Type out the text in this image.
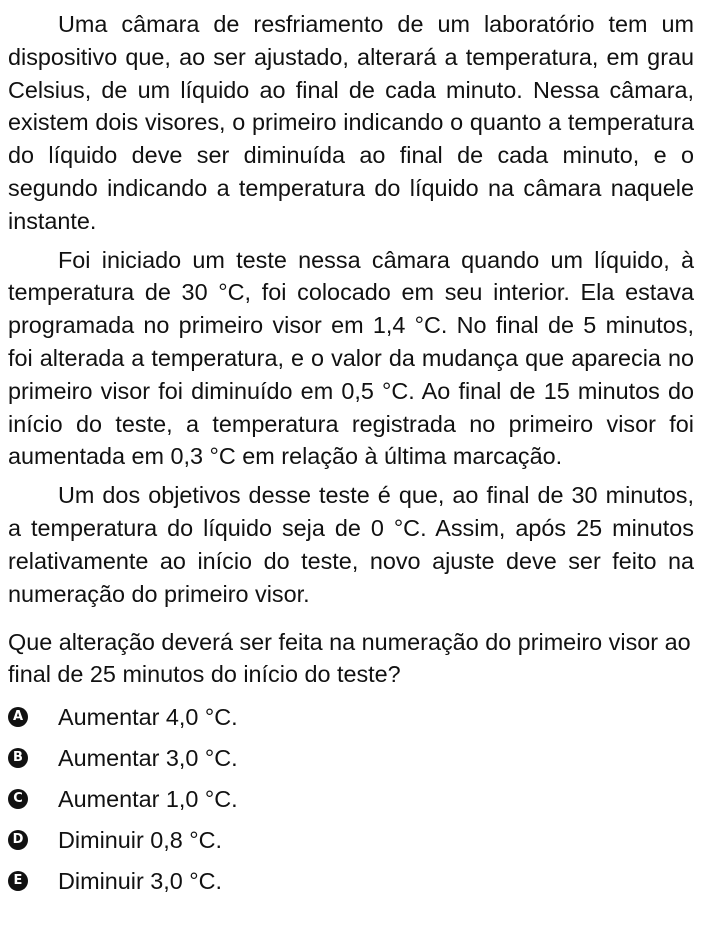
Uma câmara de resfriamento de um laboratório tem um dispositivo que, ao ser ajustado, alterará a temperatura, em grau Celsius, de um líquido ao final de cada minuto. Nessa câmara, existem dois visores, o primeiro indicando o quanto a temperatura do líquido deve ser diminuída ao final de cada minuto, e o segundo indicando a temperatura do líquido na câmara naquele instante.

Foi iniciado um teste nessa câmara quando um líquido, à temperatura de 30 °C, foi colocado em seu interior. Ela estava programada no primeiro visor em 1,4 °C. No final de 5 minutos, foi alterada a temperatura, e o valor da mudança que aparecia no primeiro visor foi diminuído em 0,5 °C. Ao final de 15 minutos do início do teste, a temperatura registrada no primeiro visor foi aumentada em 0,3 °C em relação à última marcação.

Um dos objetivos desse teste é que, ao final de 30 minutos, a temperatura do líquido seja de 0 °C. Assim, após 25 minutos relativamente ao início do teste, novo ajuste deve ser feito na numeração do primeiro visor.

Que alteração deverá ser feita na numeração do primeiro visor ao final de 25 minutos do início do teste?

A Aumentar 4,0 °C.
B Aumentar 3,0 °C.
C Aumentar 1,0 °C.
D Diminuir 0,8 °C.
E Diminuir 3,0 °C.
